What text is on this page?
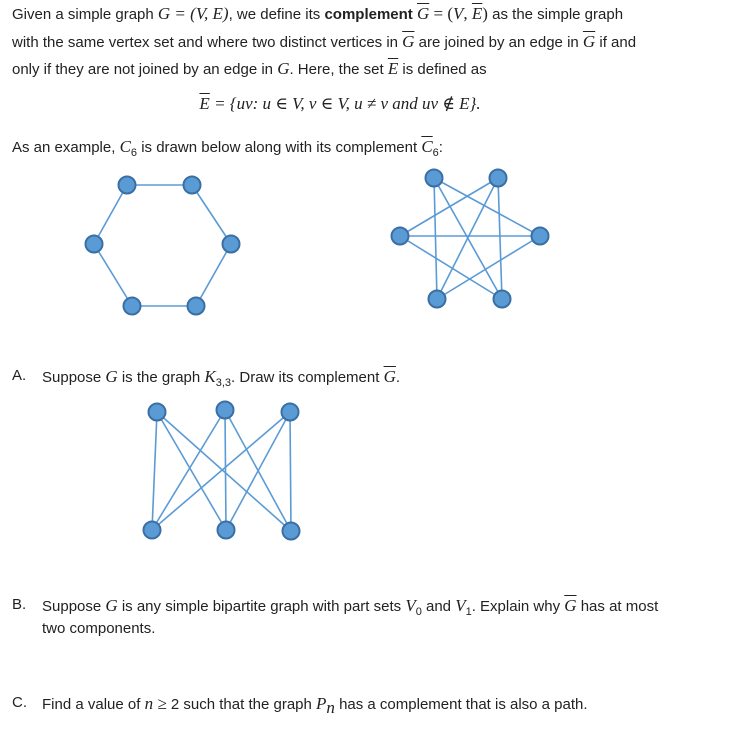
Given a simple graph G = (V, E), we define its complement $\overline{G} = (V$, $\overline{E}$) as the simple graph
with the same vertex set and where two distinct vertices in $\overline{G}$ are joined by an edge in $\overline{G}$ if and
only if they are not joined by an edge in G. Here, the set $\overline{E}$ is defined as
$\overline{E} = \{uv$: u ∈ V, v ∈ V, u ≠ v and uv ∉ E}.
As an example, $C_6$ is drawn below along with its complement $\overline{C}_6$:
A. Suppose G is the graph $K_{3,3}$. Draw its complement $\overline{G}$.
B. Suppose G is any simple bipartite graph with part sets $V_0$ and $V_1$. Explain why $\overline{G}$ has at most
two components.
C. Find a value of n ≥ 2 such that the graph $P_n$ has a complement that is also a path.
